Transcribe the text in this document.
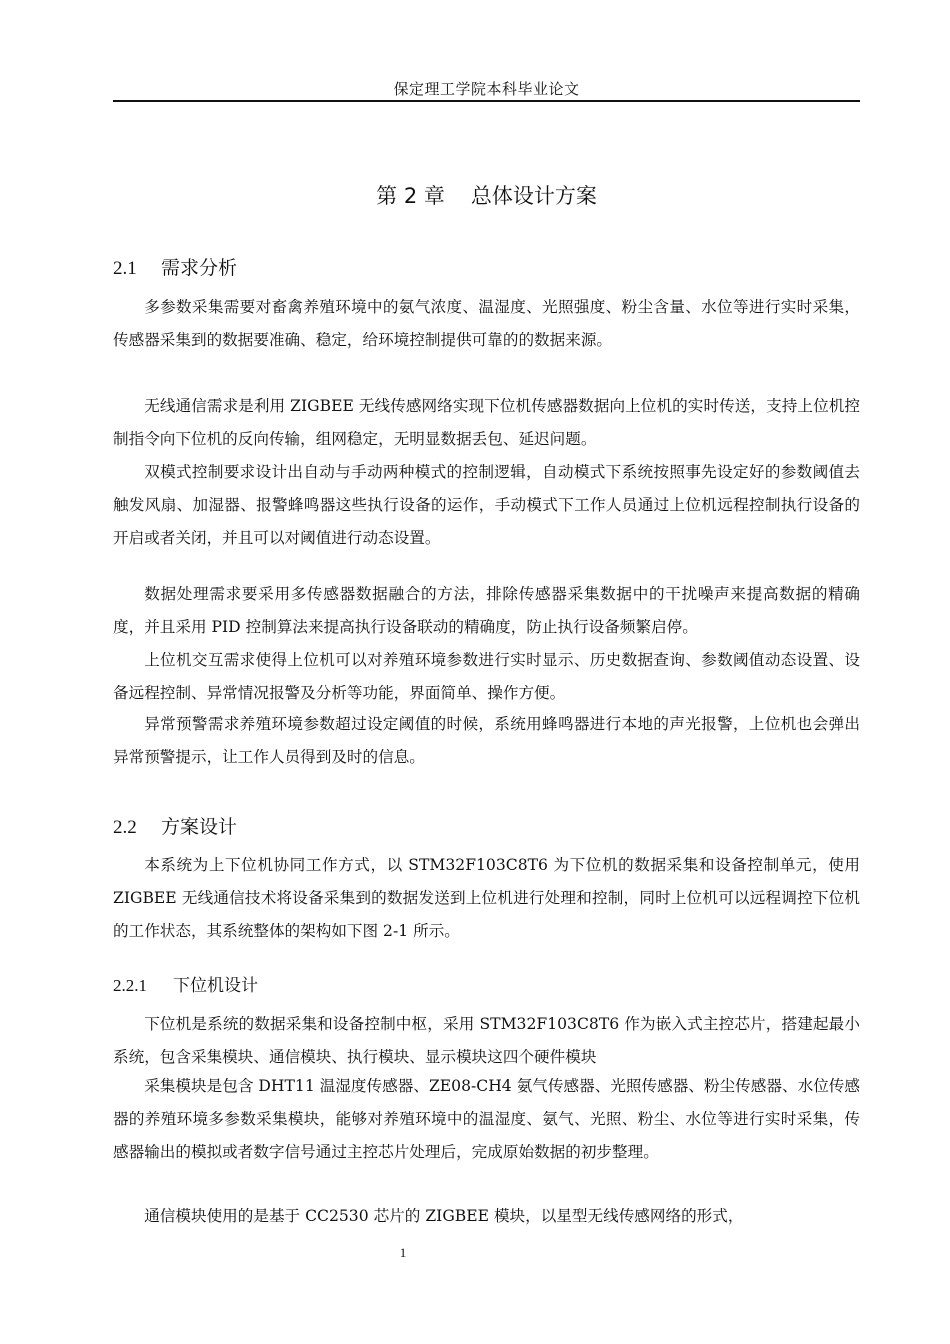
保定理工学院本科毕业论文
第 2 章 总体设计方案
2.1 需求分析

多参数采集需要对畜禽养殖环境中的氨气浓度、温湿度、光照强度、粉尘含量、水位等进行实时采集，传感器采集到的数据要准确、稳定，给环境控制提供可靠的的数据来源。

无线通信需求是利用 ZIGBEE 无线传感网络实现下位机传感器数据向上位机的实时传送，支持上位机控制指令向下位机的反向传输，组网稳定，无明显数据丢包、延迟问题。

双模式控制要求设计出自动与手动两种模式的控制逻辑，自动模式下系统按照事先设定好的参数阈值去触发风扇、加湿器、报警蜂鸣器这些执行设备的运作，手动模式下工作人员通过上位机远程控制执行设备的开启或者关闭，并且可以对阈值进行动态设置。

数据处理需求要采用多传感器数据融合的方法，排除传感器采集数据中的干扰噪声来提高数据的精确度，并且采用 PID 控制算法来提高执行设备联动的精确度，防止执行设备频繁启停。

上位机交互需求使得上位机可以对养殖环境参数进行实时显示、历史数据查询、参数阈值动态设置、设备远程控制、异常情况报警及分析等功能，界面简单、操作方便。

异常预警需求养殖环境参数超过设定阈值的时候，系统用蜂鸣器进行本地的声光报警，上位机也会弹出异常预警提示，让工作人员得到及时的信息。

2.2 方案设计

本系统为上下位机协同工作方式，以 STM32F103C8T6 为下位机的数据采集和设备控制单元，使用 ZIGBEE 无线通信技术将设备采集到的数据发送到上位机进行处理和控制，同时上位机可以远程调控下位机的工作状态，其系统整体的架构如下图 2-1 所示。

2.2.1 下位机设计

下位机是系统的数据采集和设备控制中枢，采用 STM32F103C8T6 作为嵌入式主控芯片，搭建起最小系统，包含采集模块、通信模块、执行模块、显示模块这四个硬件模块

采集模块是包含 DHT11 温湿度传感器、ZE08-CH4 氨气传感器、光照传感器、粉尘传感器、水位传感器的养殖环境多参数采集模块，能够对养殖环境中的温湿度、氨气、光照、粉尘、水位等进行实时采集，传感器输出的模拟或者数字信号通过主控芯片处理后，完成原始数据的初步整理。

通信模块使用的是基于 CC2530 芯片的 ZIGBEE 模块，以星型无线传感网络的形式，

1
